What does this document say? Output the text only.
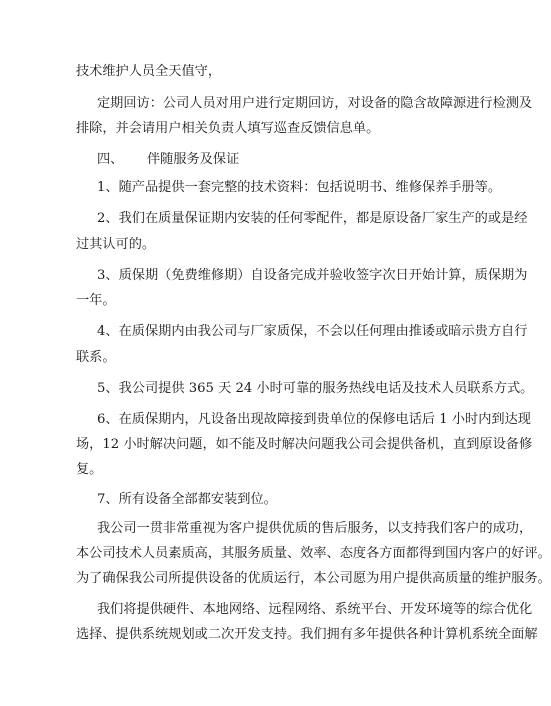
技术维护人员全天值守，
定期回访：公司人员对用户进行定期回访，对设备的隐含故障源进行检测及
排除，并会请用户相关负责人填写巡查反馈信息单。
四、 伴随服务及保证
1、随产品提供一套完整的技术资料：包括说明书、维修保养手册等。
2、我们在质量保证期内安装的任何零配件，都是原设备厂家生产的或是经
过其认可的。
3、质保期（免费维修期）自设备完成并验收签字次日开始计算，质保期为
一年。
4、在质保期内由我公司与厂家质保，不会以任何理由推诿或暗示贵方自行
联系。
5、我公司提供 365 天 24 小时可靠的服务热线电话及技术人员联系方式。
6、在质保期内，凡设备出现故障接到贵单位的保修电话后 1 小时内到达现
场，12 小时解决问题，如不能及时解决问题我公司会提供备机，直到原设备修
复。
7、所有设备全部都安装到位。
我公司一贯非常重视为客户提供优质的售后服务，以支持我们客户的成功，
本公司技术人员素质高，其服务质量、效率、态度各方面都得到国内客户的好评。
为了确保我公司所提供设备的优质运行，本公司愿为用户提供高质量的维护服务。
我们将提供硬件、本地网络、远程网络、系统平台、开发环境等的综合优化
选择、提供系统规划或二次开发支持。我们拥有多年提供各种计算机系统全面解
